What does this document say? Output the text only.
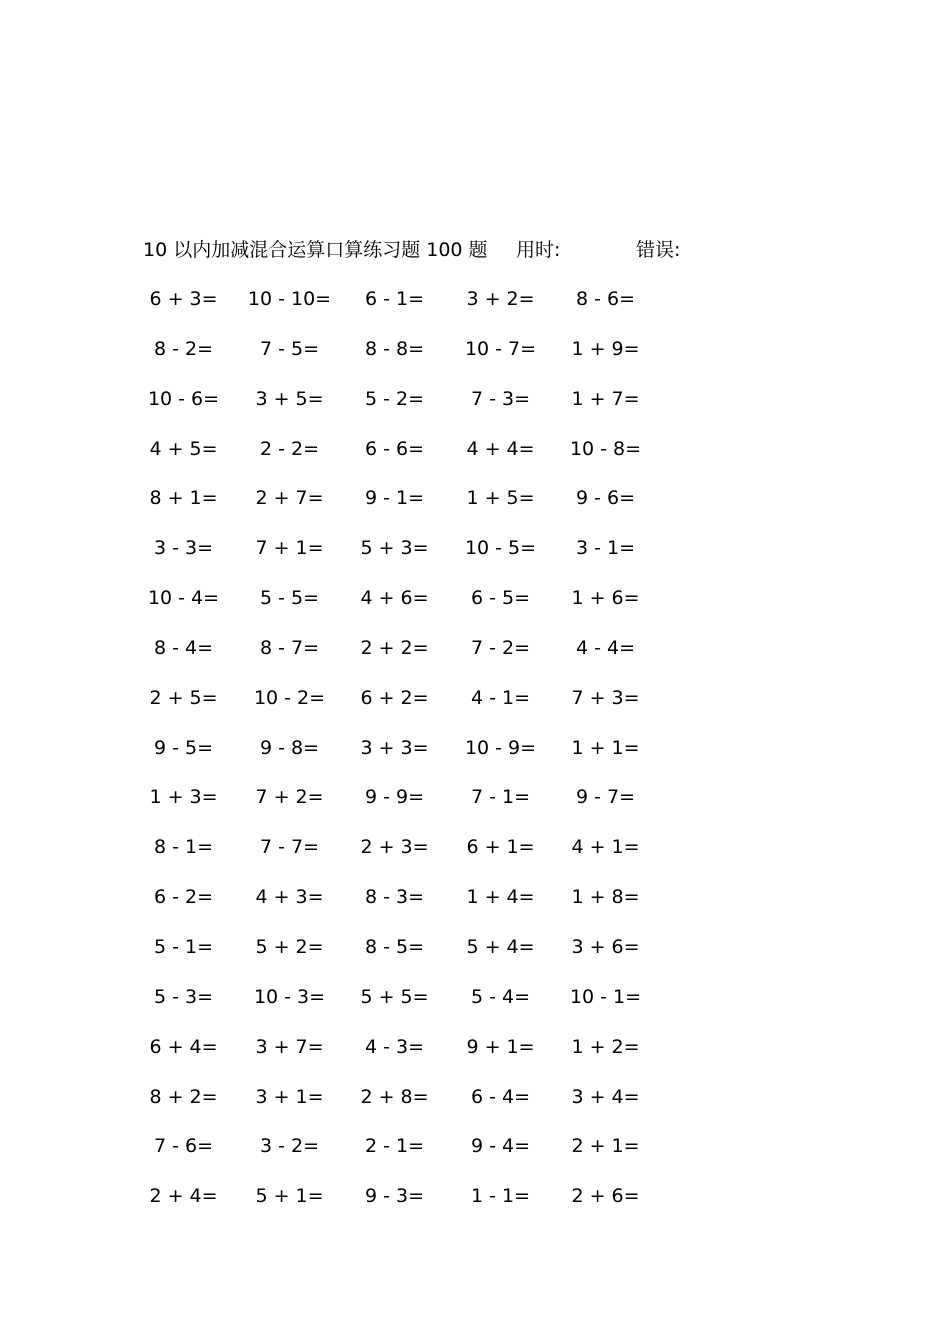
10 以内加减混合运算口算练习题 100 题 用时:	错误:
6 + 3=	10 - 10=	6 - 1=	3 + 2=	8 - 6=
8 - 2=	7 - 5=	8 - 8=	10 - 7=	1 + 9=
10 - 6=	3 + 5=	5 - 2=	7 - 3=	1 + 7=
4 + 5=	2 - 2=	6 - 6=	4 + 4=	10 - 8=
8 + 1=	2 + 7=	9 - 1=	1 + 5=	9 - 6=
3 - 3=	7 + 1=	5 + 3=	10 - 5=	3 - 1=
10 - 4=	5 - 5=	4 + 6=	6 - 5=	1 + 6=
8 - 4=	8 - 7=	2 + 2=	7 - 2=	4 - 4=
2 + 5=	10 - 2=	6 + 2=	4 - 1=	7 + 3=
9 - 5=	9 - 8=	3 + 3=	10 - 9=	1 + 1=
1 + 3=	7 + 2=	9 - 9=	7 - 1=	9 - 7=
8 - 1=	7 - 7=	2 + 3=	6 + 1=	4 + 1=
6 - 2=	4 + 3=	8 - 3=	1 + 4=	1 + 8=
5 - 1=	5 + 2=	8 - 5=	5 + 4=	3 + 6=
5 - 3=	10 - 3=	5 + 5=	5 - 4=	10 - 1=
6 + 4=	3 + 7=	4 - 3=	9 + 1=	1 + 2=
8 + 2=	3 + 1=	2 + 8=	6 - 4=	3 + 4=
7 - 6=	3 - 2=	2 - 1=	9 - 4=	2 + 1=
2 + 4=	5 + 1=	9 - 3=	1 - 1=	2 + 6=
